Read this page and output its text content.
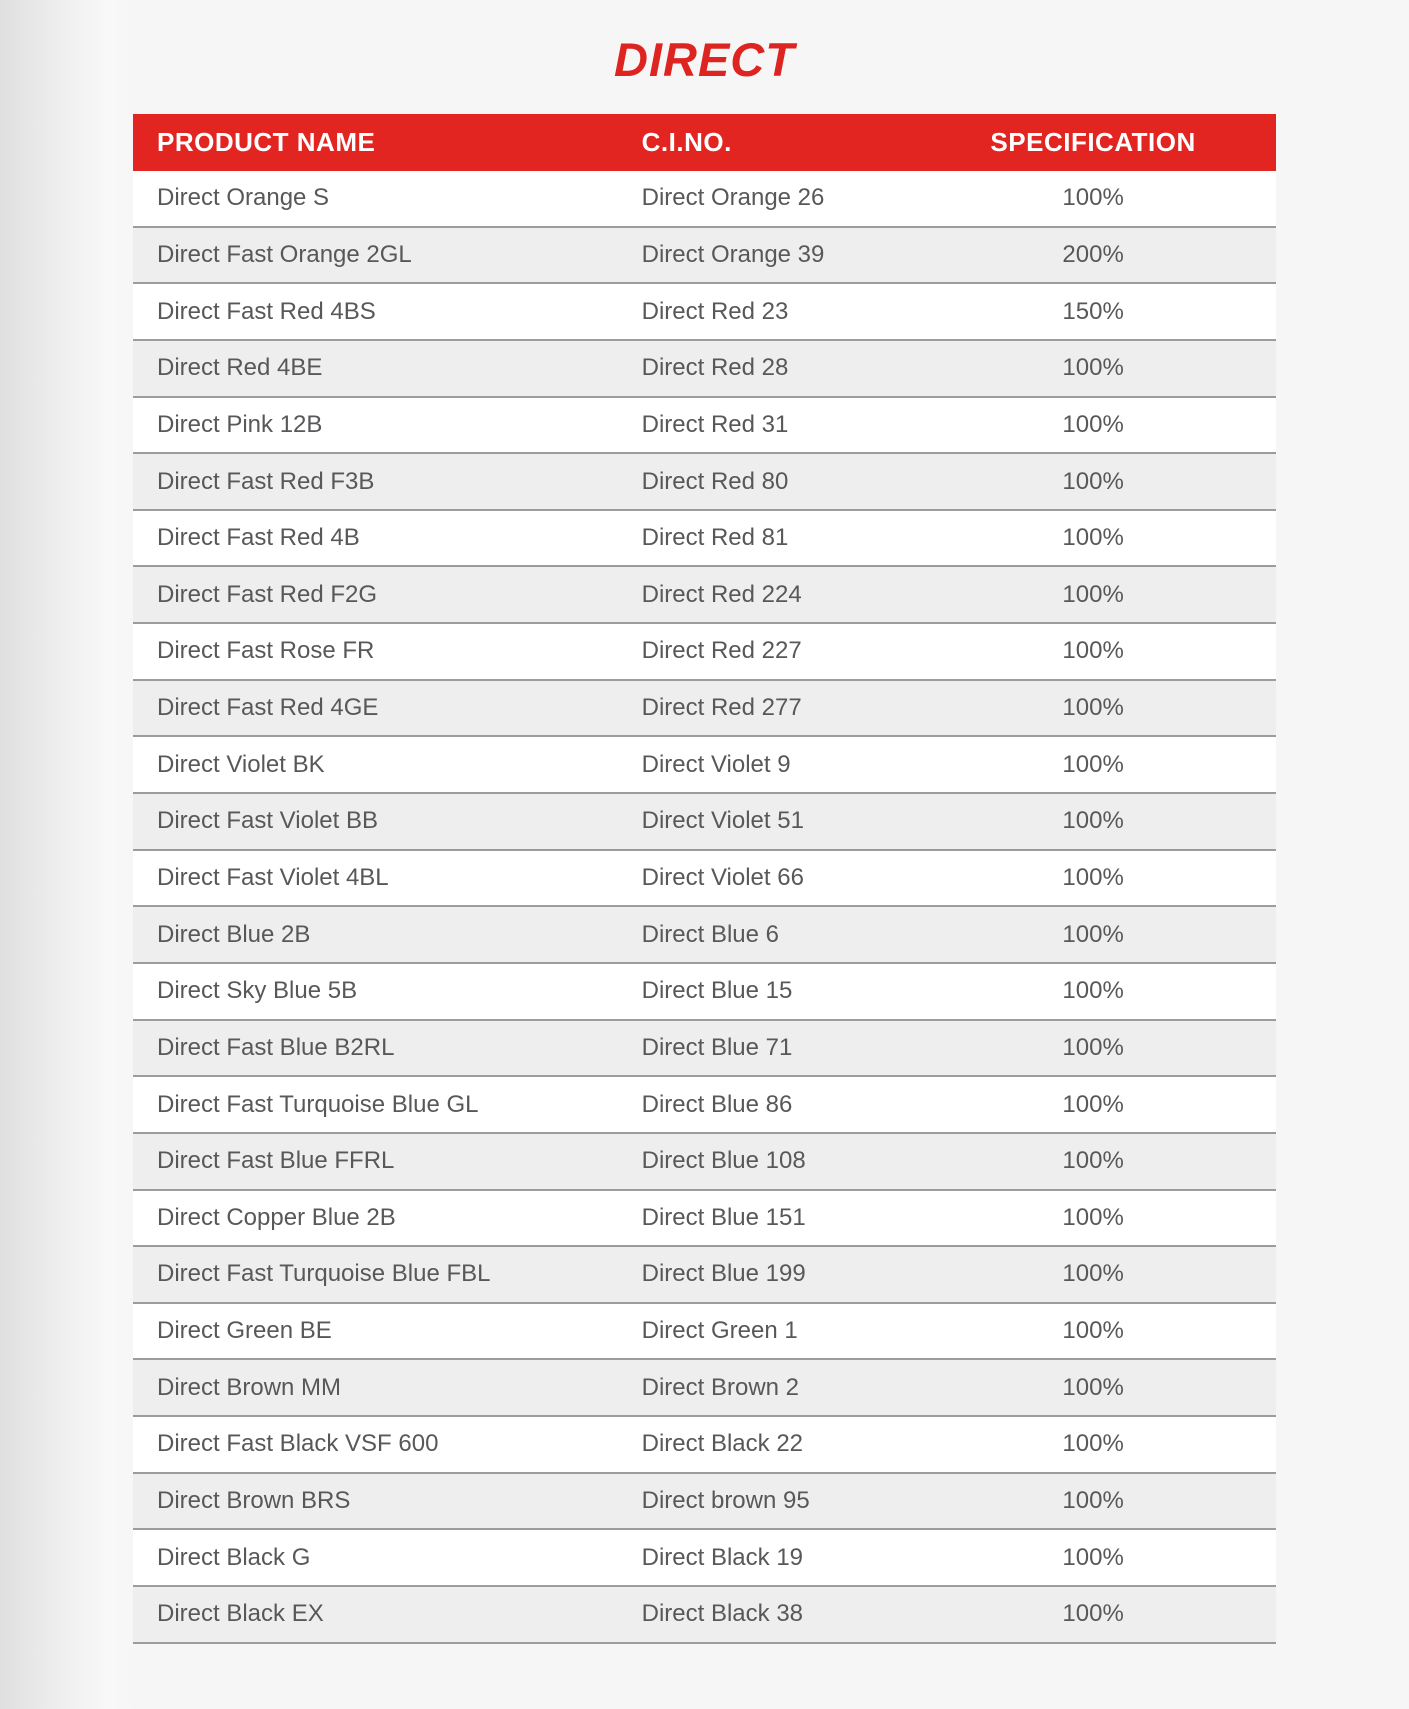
DIRECT
PRODUCT NAME	C.I.NO.	SPECIFICATION
Direct Orange S	Direct Orange 26	100%
Direct Fast Orange 2GL	Direct Orange 39	200%
Direct Fast Red 4BS	Direct Red 23	150%
Direct Red 4BE	Direct Red 28	100%
Direct Pink 12B	Direct Red 31	100%
Direct Fast Red F3B	Direct Red 80	100%
Direct Fast Red 4B	Direct Red 81	100%
Direct Fast Red F2G	Direct Red 224	100%
Direct Fast Rose FR	Direct Red 227	100%
Direct Fast Red 4GE	Direct Red 277	100%
Direct Violet BK	Direct Violet 9	100%
Direct Fast Violet BB	Direct Violet 51	100%
Direct Fast Violet 4BL	Direct Violet 66	100%
Direct Blue 2B	Direct Blue 6	100%
Direct Sky Blue 5B	Direct Blue 15	100%
Direct Fast Blue B2RL	Direct Blue 71	100%
Direct Fast Turquoise Blue GL	Direct Blue 86	100%
Direct Fast Blue FFRL	Direct Blue 108	100%
Direct Copper Blue 2B	Direct Blue 151	100%
Direct Fast Turquoise Blue FBL	Direct Blue 199	100%
Direct Green BE	Direct Green 1	100%
Direct Brown MM	Direct Brown 2	100%
Direct Fast Black VSF 600	Direct Black 22	100%
Direct Brown BRS	Direct brown 95	100%
Direct Black G	Direct Black 19	100%
Direct Black EX	Direct Black 38	100%
